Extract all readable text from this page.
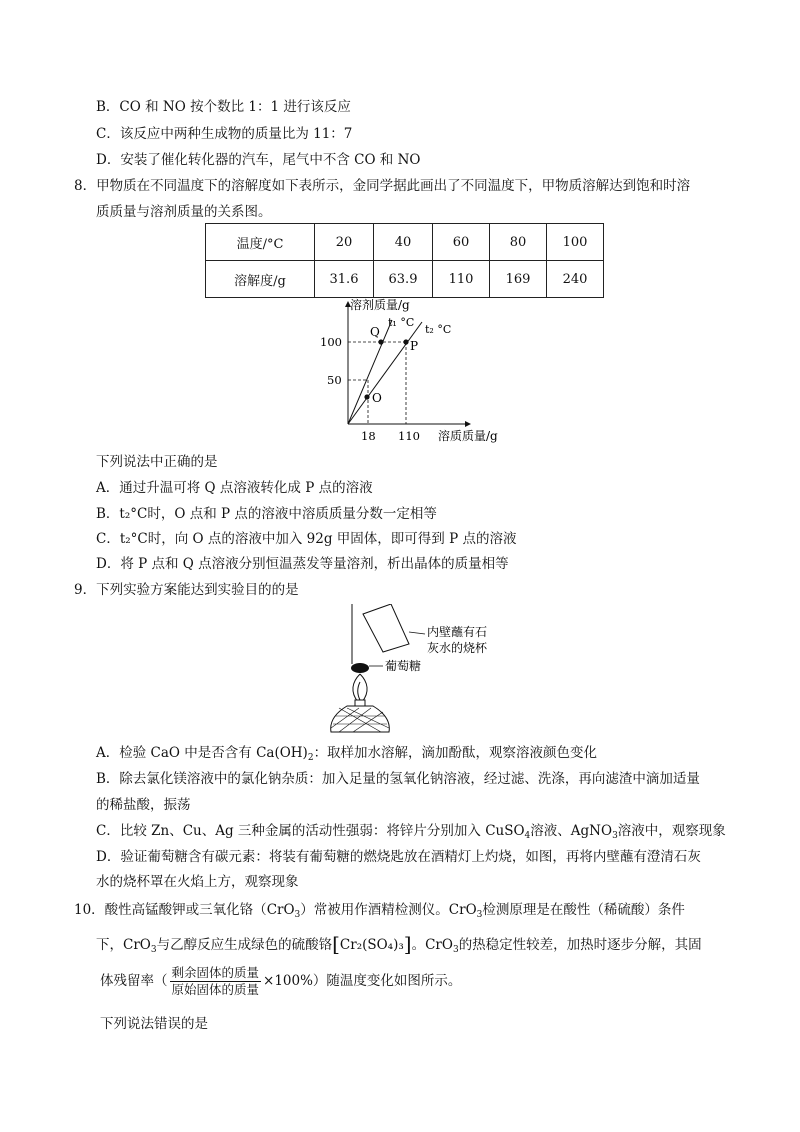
B．CO 和 NO 按个数比 1：1 进行该反应
C．该反应中两种生成物的质量比为 11：7
D．安装了催化转化器的汽车，尾气中不含 CO 和 NO
8．甲物质在不同温度下的溶解度如下表所示，金同学据此画出了不同温度下，甲物质溶解达到饱和时溶
质质量与溶剂质量的关系图。
温度/°C	20	40	60	80	100
溶解度/g	31.6	63.9	110	169	240
溶剂质量/g
溶质质量/g
100
50
18 110
t₁ °C
t₂ °C
Q
P
O
下列说法中正确的是
A．通过升温可将 Q 点溶液转化成 P 点的溶液
B．t₂°C时，O 点和 P 点的溶液中溶质质量分数一定相等
C．t₂°C时，向 O 点的溶液中加入 92g 甲固体，即可得到 P 点的溶液
D．将 P 点和 Q 点溶液分别恒温蒸发等量溶剂，析出晶体的质量相等
9．下列实验方案能达到实验目的的是
内壁蘸有石
灰水的烧杯
葡萄糖
A．检验 CaO 中是否含有 $Ca(OH)_2$：取样加水溶解，滴加酚酞，观察溶液颜色变化
B．除去氯化镁溶液中的氯化钠杂质：加入足量的氢氧化钠溶液，经过滤、洗涤，再向滤渣中滴加适量
的稀盐酸，振荡
C．比较 Zn、Cu、Ag 三种金属的活动性强弱：将锌片分别加入 CuSO$_4$溶液、AgNO$_3$溶液中，观察现象
D．验证葡萄糖含有碳元素：将装有葡萄糖的燃烧匙放在酒精灯上灼烧，如图，再将内壁蘸有澄清石灰
水的烧杯罩在火焰上方，观察现象
10．酸性高锰酸钾或三氧化铬（CrO$_3$）常被用作酒精检测仪。CrO$_3$检测原理是在酸性（稀硫酸）条件
下，CrO$_3$与乙醇反应生成绿色的硫酸铬[Cr₂(SO₄)₃]。CrO$_3$的热稳定性较差，加热时逐步分解，其固
体残留率（ $\frac{\text{剩余固体的质量}}{\text{原始固体的质量}} \times 100\%$）随温度变化如图所示。
下列说法错误的是
